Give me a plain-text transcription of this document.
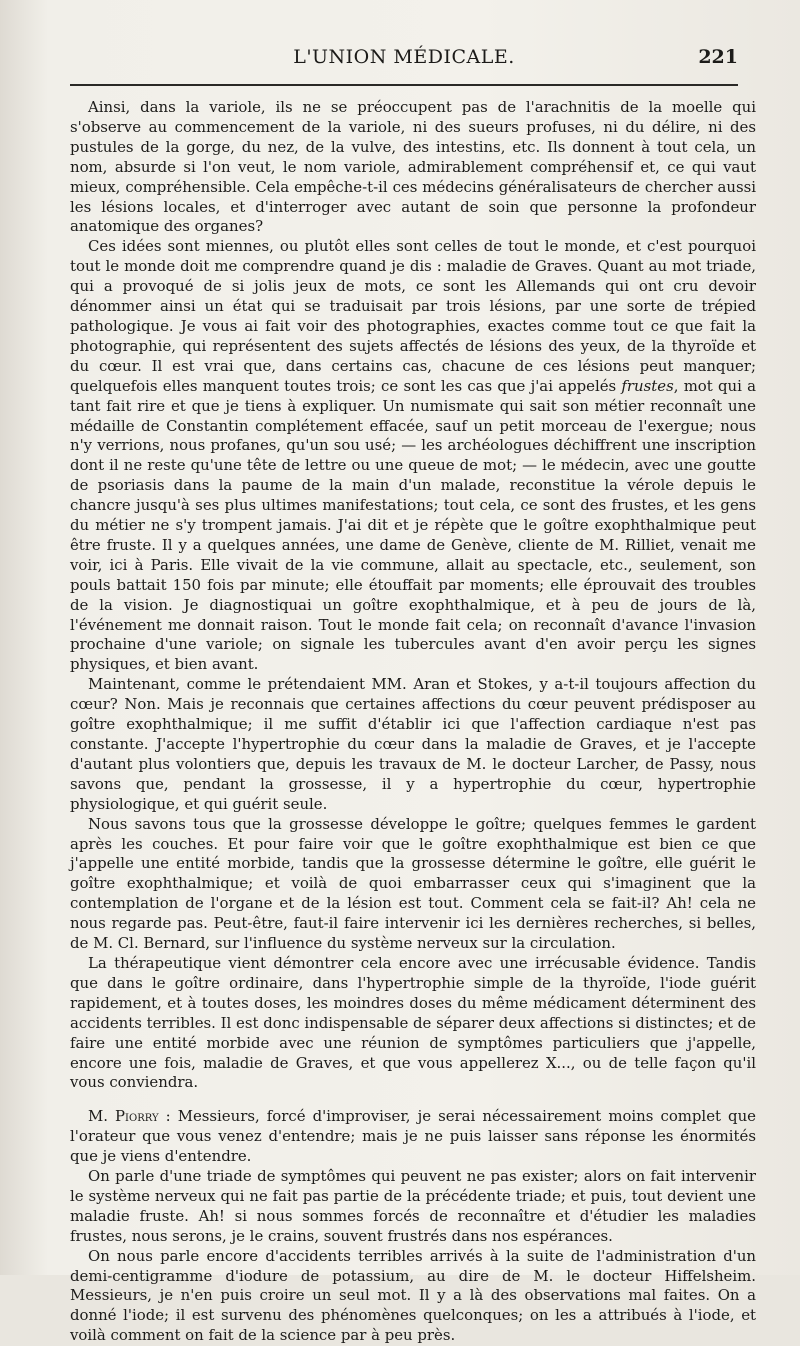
L'UNION MÉDICALE.	221

Ainsi, dans la variole, ils ne se préoccupent pas de l'arachnitis de la moelle qui s'observe au commencement de la variole, ni des sueurs profuses, ni du délire, ni des pustules de la gorge, du nez, de la vulve, des intestins, etc. Ils donnent à tout cela, un nom, absurde si l'on veut, le nom variole, admirablement compréhensif et, ce qui vaut mieux, compréhensible. Cela empêche-t-il ces médecins généralisateurs de chercher aussi les lésions locales, et d'interroger avec autant de soin que personne la profondeur anatomique des organes?

Ces idées sont miennes, ou plutôt elles sont celles de tout le monde, et c'est pourquoi tout le monde doit me comprendre quand je dis : maladie de Graves. Quant au mot triade, qui a provoqué de si jolis jeux de mots, ce sont les Allemands qui ont cru devoir dénommer ainsi un état qui se traduisait par trois lésions, par une sorte de trépied pathologique. Je vous ai fait voir des photographies, exactes comme tout ce que fait la photographie, qui représentent des sujets affectés de lésions des yeux, de la thyroïde et du cœur. Il est vrai que, dans certains cas, chacune de ces lésions peut manquer; quelquefois elles manquent toutes trois; ce sont les cas que j'ai appelés frustes, mot qui a tant fait rire et que je tiens à expliquer. Un numismate qui sait son métier reconnaît une médaille de Constantin complétement effacée, sauf un petit morceau de l'exergue; nous n'y verrions, nous profanes, qu'un sou usé; — les archéologues déchiffrent une inscription dont il ne reste qu'une tête de lettre ou une queue de mot; — le médecin, avec une goutte de psoriasis dans la paume de la main d'un malade, reconstitue la vérole depuis le chancre jusqu'à ses plus ultimes manifestations; tout cela, ce sont des frustes, et les gens du métier ne s'y trompent jamais. J'ai dit et je répète que le goître exophthalmique peut être fruste. Il y a quelques années, une dame de Genève, cliente de M. Rilliet, venait me voir, ici à Paris. Elle vivait de la vie commune, allait au spectacle, etc., seulement, son pouls battait 150 fois par minute; elle étouffait par moments; elle éprouvait des troubles de la vision. Je diagnostiquai un goître exophthalmique, et à peu de jours de là, l'événement me donnait raison. Tout le monde fait cela; on reconnaît d'avance l'invasion prochaine d'une variole; on signale les tubercules avant d'en avoir perçu les signes physiques, et bien avant.

Maintenant, comme le prétendaient MM. Aran et Stokes, y a-t-il toujours affection du cœur? Non. Mais je reconnais que certaines affections du cœur peuvent prédisposer au goître exophthalmique; il me suffit d'établir ici que l'affection cardiaque n'est pas constante. J'accepte l'hypertrophie du cœur dans la maladie de Graves, et je l'accepte d'autant plus volontiers que, depuis les travaux de M. le docteur Larcher, de Passy, nous savons que, pendant la grossesse, il y a hypertrophie du cœur, hypertrophie physiologique, et qui guérit seule.

Nous savons tous que la grossesse développe le goître; quelques femmes le gardent après les couches. Et pour faire voir que le goître exophthalmique est bien ce que j'appelle une entité morbide, tandis que la grossesse détermine le goître, elle guérit le goître exophthalmique; et voilà de quoi embarrasser ceux qui s'imaginent que la contemplation de l'organe et de la lésion est tout. Comment cela se fait-il? Ah! cela ne nous regarde pas. Peut-être, faut-il faire intervenir ici les dernières recherches, si belles, de M. Cl. Bernard, sur l'influence du système nerveux sur la circulation.

La thérapeutique vient démontrer cela encore avec une irrécusable évidence. Tandis que dans le goître ordinaire, dans l'hypertrophie simple de la thyroïde, l'iode guérit rapidement, et à toutes doses, les moindres doses du même médicament déterminent des accidents terribles. Il est donc indispensable de séparer deux affections si distinctes; et de faire une entité morbide avec une réunion de symptômes particuliers que j'appelle, encore une fois, maladie de Graves, et que vous appellerez X..., ou de telle façon qu'il vous conviendra.

M. Piorry : Messieurs, forcé d'improviser, je serai nécessairement moins complet que l'orateur que vous venez d'entendre; mais je ne puis laisser sans réponse les énormités que je viens d'entendre.

On parle d'une triade de symptômes qui peuvent ne pas exister; alors on fait intervenir le système nerveux qui ne fait pas partie de la précédente triade; et puis, tout devient une maladie fruste. Ah! si nous sommes forcés de reconnaître et d'étudier les maladies frustes, nous serons, je le crains, souvent frustrés dans nos espérances.

On nous parle encore d'accidents terribles arrivés à la suite de l'administration d'un demi-centigramme d'iodure de potassium, au dire de M. le docteur Hiffelsheim. Messieurs, je n'en puis croire un seul mot. Il y a là des observations mal faites. On a donné l'iode; il est survenu des phénomènes quelconques; on les a attribués à l'iode, et voilà comment on fait de la science par à peu près.
